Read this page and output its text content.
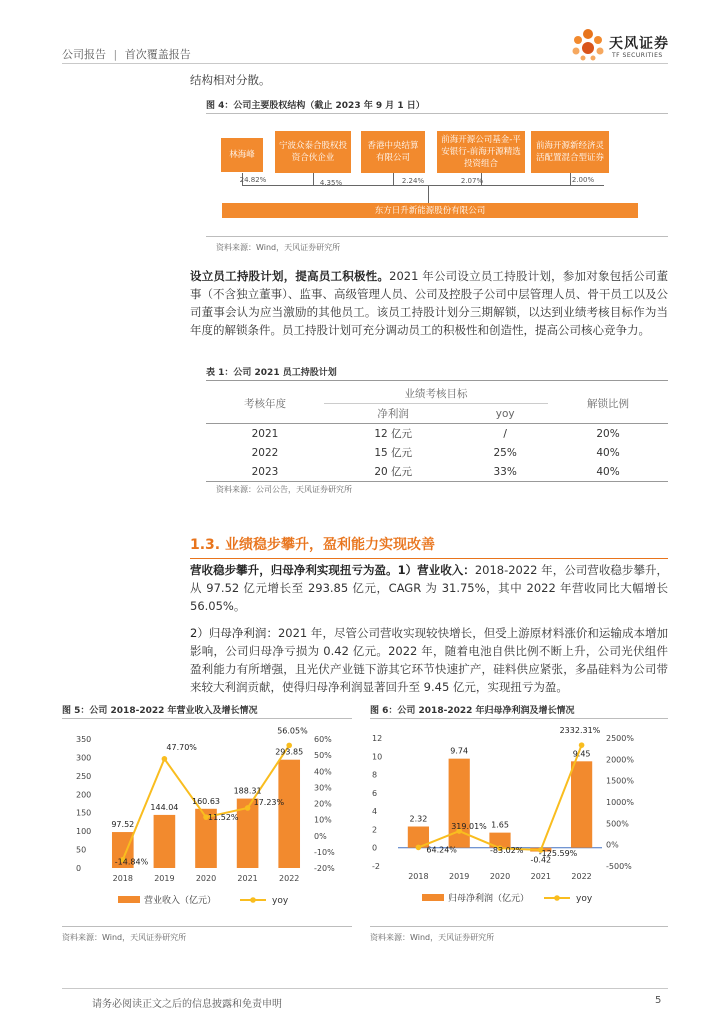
公司报告 | 首次覆盖报告
天风证券
TF SECURITIES
结构相对分散。
图 4：公司主要股权结构（截止 2023 年 9 月 1 日）
林海峰
宁波众泰合股权投资合伙企业
香港中央结算有限公司
前海开源公司基金-平安银行-前海开源精选投资组合
前海开源新经济灵活配置混合型证券
24.82%	4.35%	2.24%	2.07%	2.00%
东方日升新能源股份有限公司
资料来源：Wind，天风证券研究所
设立员工持股计划，提高员工积极性。2021 年公司设立员工持股计划，参加对象包括公司董事（不含独立董事）、监事、高级管理人员、公司及控股子公司中层管理人员、骨干员工以及公司董事会认为应当激励的其他员工。该员工持股计划分三期解锁，以达到业绩考核目标作为当年度的解锁条件。员工持股计划可充分调动员工的积极性和创造性，提高公司核心竞争力。
表 1：公司 2021 员工持股计划
考核年度	业绩考核目标		解锁比例
	净利润	yoy	
2021	12 亿元	/	20%
2022	15 亿元	25%	40%
2023	20 亿元	33%	40%
资料来源：公司公告，天风证券研究所
1.3. 业绩稳步攀升，盈利能力实现改善
营收稳步攀升，归母净利实现扭亏为盈。1）营业收入：2018-2022 年，公司营收稳步攀升，从 97.52 亿元增长至 293.85 亿元，CAGR 为 31.75%，其中 2022 年营收同比大幅增长 56.05%。
2）归母净利润：2021 年，尽管公司营收实现较快增长，但受上游原材料涨价和运输成本增加影响，公司归母净亏损为 0.42 亿元。2022 年，随着电池自供比例不断上升，公司光伏组件盈利能力有所增强，且光伏产业链下游其它环节快速扩产，硅料供应紧张，多晶硅料为公司带来较大利润贡献，使得归母净利润显著回升至 9.45 亿元，实现扭亏为盈。
图 5：公司 2018-2022 年营业收入及增长情况
0
50
100
150
200
250
300
350
-20%
-10%
0%
10%
20%
30%
40%
50%
60%
97.52
144.04
160.63
188.31
293.85
-14.84%
47.70%
11.52%
17.23%
56.05%
2018	2019	2020	2021	2022
营业收入（亿元）	yoy
资料来源：Wind，天风证券研究所
图 6：公司 2018-2022 年归母净利润及增长情况
-2
0
2
4
6
8
10
12
-500%
0%
500%
1000%
1500%
2000%
2500%
2.32
9.74
1.65
-0.42
9.45
64.24%
319.01%
-83.02% -125.59%
2332.31%
2018	2019	2020	2021	2022
归母净利润（亿元）	yoy
资料来源：Wind，天风证券研究所
请务必阅读正文之后的信息披露和免责申明	5
